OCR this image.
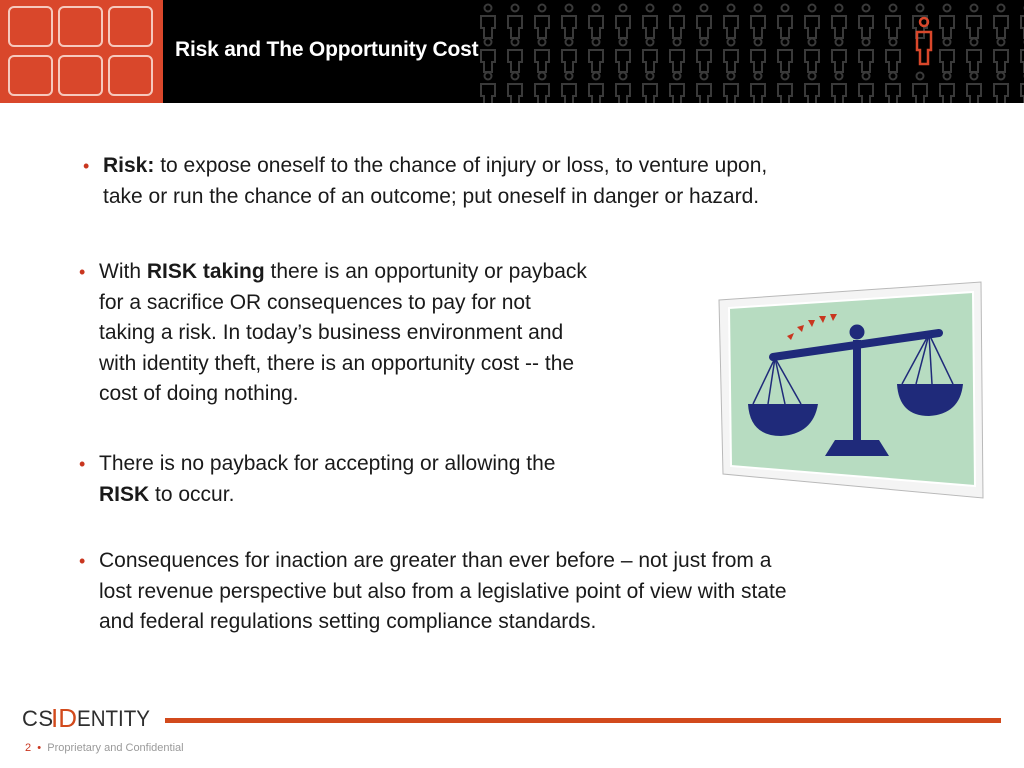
Risk and The Opportunity Cost
• Risk: to expose oneself to the chance of injury or loss, to venture upon,
take or run the chance of an outcome; put oneself in danger or hazard.
• With RISK taking there is an opportunity or payback
for a sacrifice OR consequences to pay for not
taking a risk. In today’s business environment and
with identity theft, there is an opportunity cost -- the
cost of doing nothing.
• There is no payback for accepting or allowing the
RISK to occur.
• Consequences for inaction are greater than ever before – not just from a
lost revenue perspective but also from a legislative point of view with state
and federal regulations setting compliance standards.
CS
ID ENTITY
2 • Proprietary and Confidential
